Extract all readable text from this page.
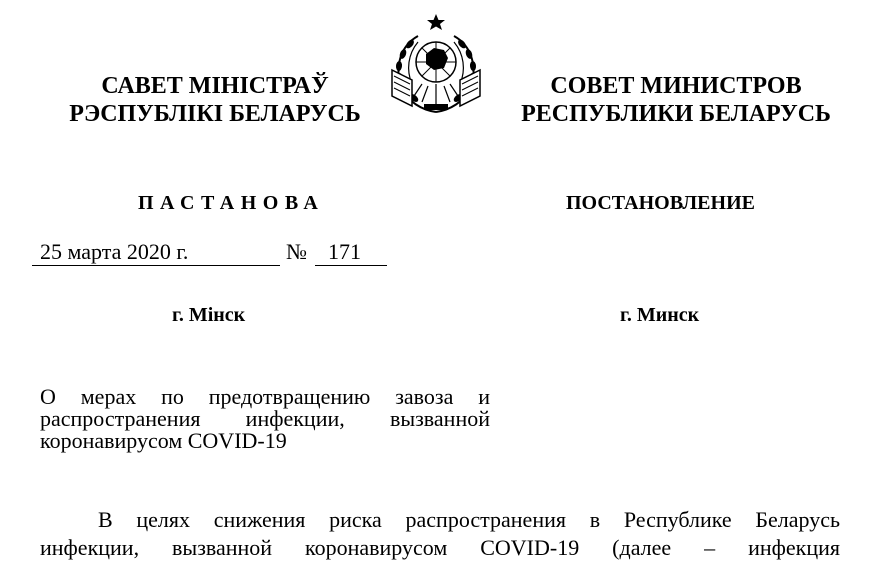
САВЕТ МІНІСТРАЎ
РЭСПУБЛІКІ БЕЛАРУСЬ
СОВЕТ МИНИСТРОВ
РЕСПУБЛИКИ БЕЛАРУСЬ
ПАСТАНОВА	ПОСТАНОВЛЕНИЕ
25 марта 2020 г.	№ 171
г. Мінск	г. Минск
О мерах по предотвращению завоза и
распространения инфекции, вызванной
коронавирусом COVID-19
В целях снижения риска распространения в Республике Беларусь
инфекции, вызванной коронавирусом COVID-19 (далее – инфекция
